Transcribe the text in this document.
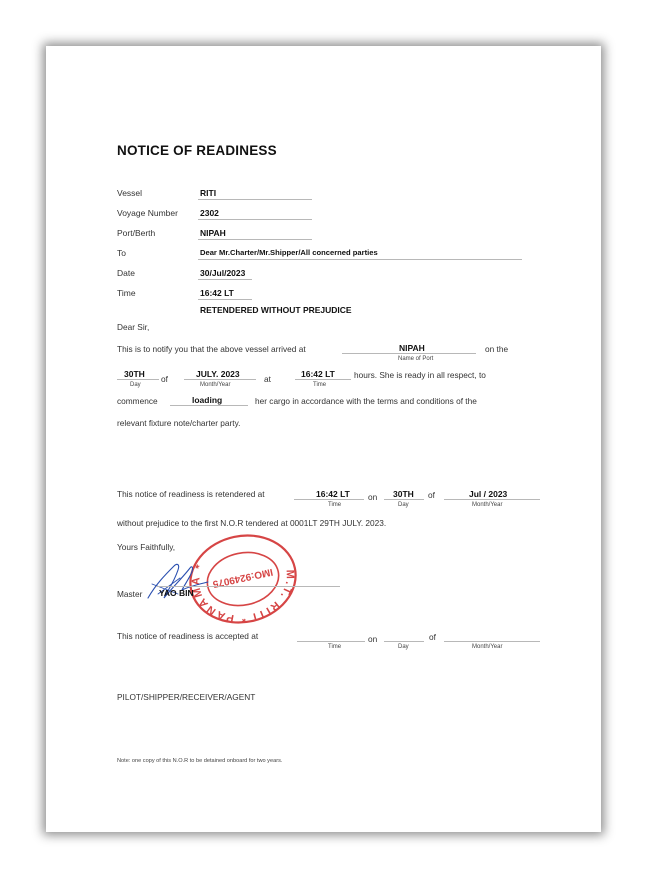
NOTICE OF READINESS
Vessel	RITI
Voyage Number	2302
Port/Berth	NIPAH
To	Dear Mr.Charter/Mr.Shipper/All concerned parties
Date	30/Jul/2023
Time	16:42 LT
RETENDERED WITHOUT PREJUDICE
Dear Sir,
This is to notify you that the above vessel arrived at	NIPAH
Name of Port
on the
30TH
Day
of	JULY. 2023
Month/Year
at	16:42 LT
Time
hours. She is ready in all respect, to
commence	loading	her cargo in accordance with the terms and conditions of the
relevant fixture note/charter party.
This notice of readiness is retendered at	16:42 LT
Time
on 30TH
Day
of	Jul / 2023
Month/Year
without prejudice to the first N.O.R tendered at 0001LT 29TH JULY. 2023.
Yours Faithfully,
M.T. RITI * PANAMA * IMO:9249075
Master YAO BIN
This notice of readiness is accepted at
Time
on
Day
of
Month/Year
PILOT/SHIPPER/RECEIVER/AGENT
Note: one copy of this N.O.R to be detained onboard for two years.
